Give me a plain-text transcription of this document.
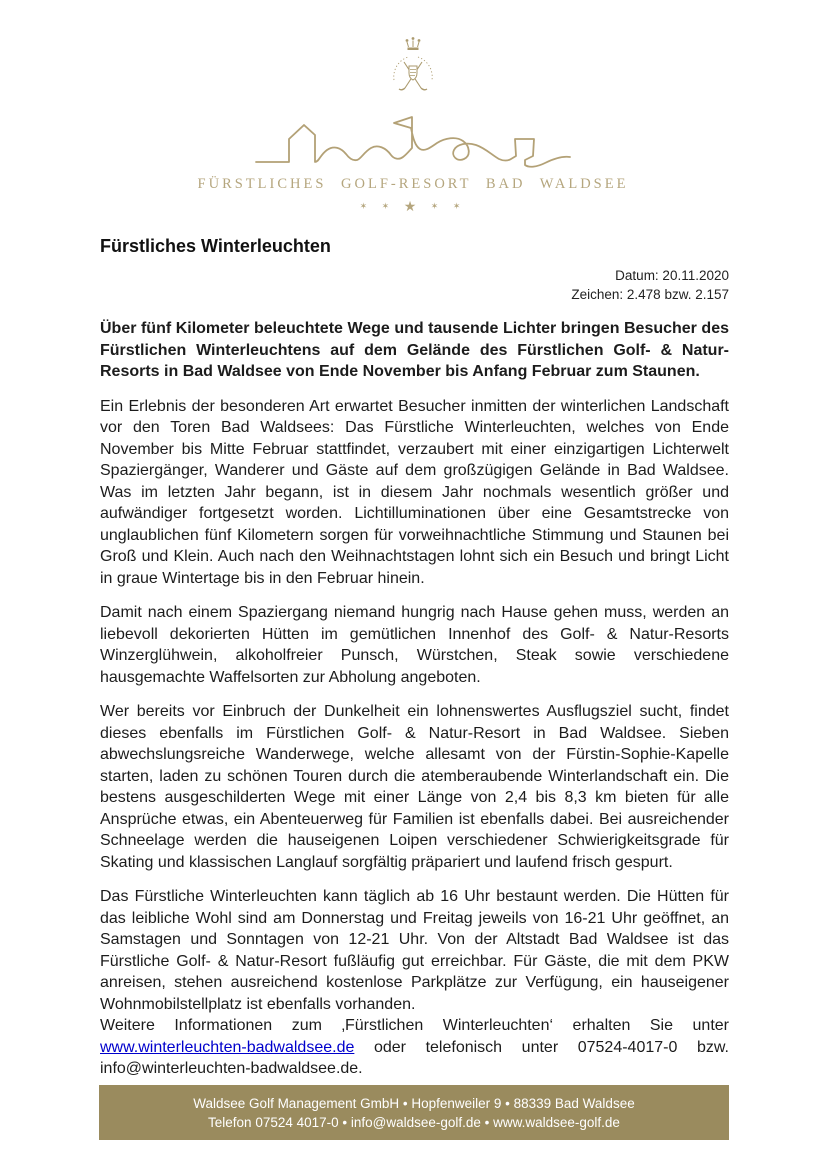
FÜRSTLICHES GOLF-RESORT BAD WALDSEE
✶ ✶ ★ ✶ ✶
Fürstliches Winterleuchten
Datum: 20.11.2020
Zeichen: 2.478 bzw. 2.157

Über fünf Kilometer beleuchtete Wege und tausende Lichter bringen Besucher des Fürstlichen Winterleuchtens auf dem Gelände des Fürstlichen Golf- & Natur-Resorts in Bad Waldsee von Ende November bis Anfang Februar zum Staunen.

Ein Erlebnis der besonderen Art erwartet Besucher inmitten der winterlichen Landschaft vor den Toren Bad Waldsees: Das Fürstliche Winterleuchten, welches von Ende November bis Mitte Februar stattfindet, verzaubert mit einer einzigartigen Lichterwelt Spaziergänger, Wanderer und Gäste auf dem großzügigen Gelände in Bad Waldsee. Was im letzten Jahr begann, ist in diesem Jahr nochmals wesentlich größer und aufwändiger fortgesetzt worden. Lichtilluminationen über eine Gesamtstrecke von unglaublichen fünf Kilometern sorgen für vorweihnachtliche Stimmung und Staunen bei Groß und Klein. Auch nach den Weihnachtstagen lohnt sich ein Besuch und bringt Licht in graue Wintertage bis in den Februar hinein.

Damit nach einem Spaziergang niemand hungrig nach Hause gehen muss, werden an liebevoll dekorierten Hütten im gemütlichen Innenhof des Golf- & Natur-Resorts Winzerglühwein, alkoholfreier Punsch, Würstchen, Steak sowie verschiedene hausgemachte Waffelsorten zur Abholung angeboten.

Wer bereits vor Einbruch der Dunkelheit ein lohnenswertes Ausflugsziel sucht, findet dieses ebenfalls im Fürstlichen Golf- & Natur-Resort in Bad Waldsee. Sieben abwechslungsreiche Wanderwege, welche allesamt von der Fürstin-Sophie-Kapelle starten, laden zu schönen Touren durch die atemberaubende Winterlandschaft ein. Die bestens ausgeschilderten Wege mit einer Länge von 2,4 bis 8,3 km bieten für alle Ansprüche etwas, ein Abenteuerweg für Familien ist ebenfalls dabei. Bei ausreichender Schneelage werden die hauseigenen Loipen verschiedener Schwierigkeitsgrade für Skating und klassischen Langlauf sorgfältig präpariert und laufend frisch gespurt.

Das Fürstliche Winterleuchten kann täglich ab 16 Uhr bestaunt werden. Die Hütten für das leibliche Wohl sind am Donnerstag und Freitag jeweils von 16-21 Uhr geöffnet, an Samstagen und Sonntagen von 12-21 Uhr. Von der Altstadt Bad Waldsee ist das Fürstliche Golf- & Natur-Resort fußläufig gut erreichbar. Für Gäste, die mit dem PKW anreisen, stehen ausreichend kostenlose Parkplätze zur Verfügung, ein hauseigener Wohnmobilstellplatz ist ebenfalls vorhanden.

Weitere Informationen zum ‚Fürstlichen Winterleuchten‘ erhalten Sie unter www.winterleuchten-badwaldsee.de oder telefonisch unter 07524-4017-0 bzw. info@winterleuchten-badwaldsee.de.

Waldsee Golf Management GmbH • Hopfenweiler 9 • 88339 Bad Waldsee
Telefon 07524 4017-0 • info@waldsee-golf.de • www.waldsee-golf.de
